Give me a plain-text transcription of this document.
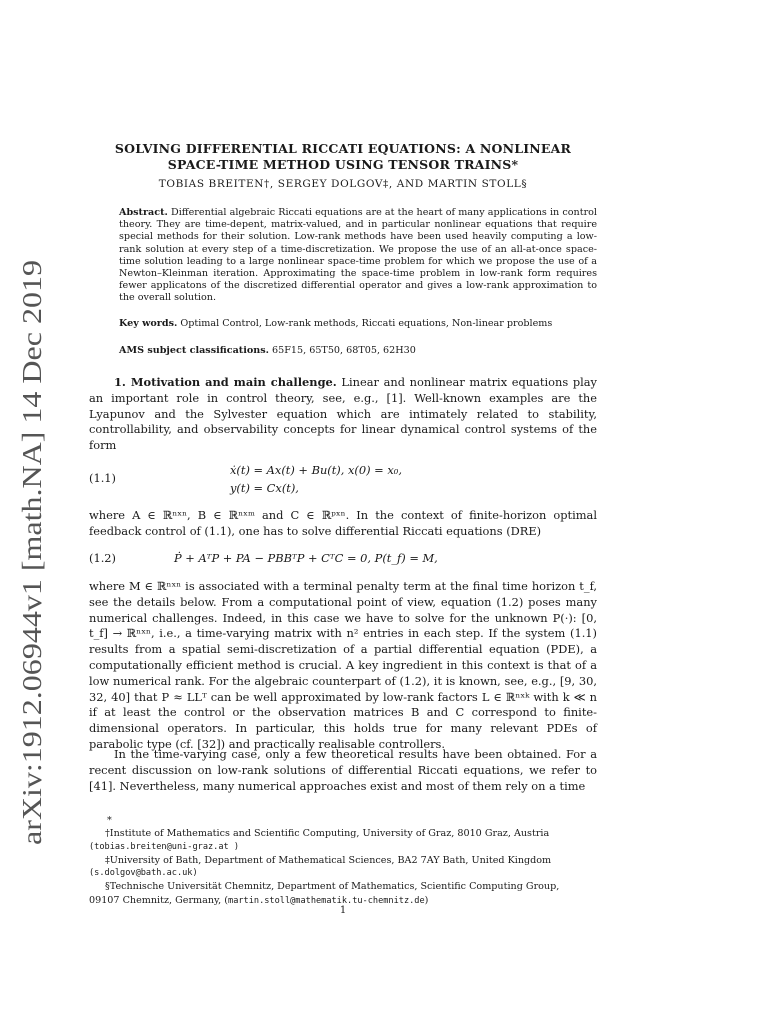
arXiv:1912.06944v1 [math.NA] 14 Dec 2019
SOLVING DIFFERENTIAL RICCATI EQUATIONS: A NONLINEAR
SPACE-TIME METHOD USING TENSOR TRAINS*
TOBIAS BREITEN†, SERGEY DOLGOV‡, AND MARTIN STOLL§
Abstract. Differential algebraic Riccati equations are at the heart of many applications in control theory. They are time-depent, matrix-valued, and in particular nonlinear equations that require special methods for their solution. Low-rank methods have been used heavily computing a low-rank solution at every step of a time-discretization. We propose the use of an all-at-once space-time solution leading to a large nonlinear space-time problem for which we propose the use of a Newton–Kleinman iteration. Approximating the space-time problem in low-rank form requires fewer applicatons of the discretized differential operator and gives a low-rank approximation to the overall solution.
Key words. Optimal Control, Low-rank methods, Riccati equations, Non-linear problems
AMS subject classifications. 65F15, 65T50, 68T05, 62H30

1. Motivation and main challenge. Linear and nonlinear matrix equations play an important role in control theory, see, e.g., [1]. Well-known examples are the Lyapunov and the Sylvester equation which are intimately related to stability, controllability, and observability concepts for linear dynamical control systems of the form

(1.1)
ẋ(t) = Ax(t) + Bu(t), x(0) = x₀,
y(t) = Cx(t),

where A ∈ ℝⁿˣⁿ, B ∈ ℝⁿˣᵐ and C ∈ ℝᵖˣⁿ. In the context of finite-horizon optimal feedback control of (1.1), one has to solve differential Riccati equations (DRE)

(1.2)	Ṗ + AᵀP + PA − PBBᵀP + CᵀC = 0, P(t_f) = M,

where M ∈ ℝⁿˣⁿ is associated with a terminal penalty term at the final time horizon t_f, see the details below. From a computational point of view, equation (1.2) poses many numerical challenges. Indeed, in this case we have to solve for the unknown P(·): [0, t_f] → ℝⁿˣⁿ, i.e., a time-varying matrix with n² entries in each step. If the system (1.1) results from a spatial semi-discretization of a partial differential equation (PDE), a computationally efficient method is crucial. A key ingredient in this context is that of a low numerical rank. For the algebraic counterpart of (1.2), it is known, see, e.g., [9, 30, 32, 40] that P ≈ LLᵀ can be well approximated by low-rank factors L ∈ ℝⁿˣᵏ with k ≪ n if at least the control or the observation matrices B and C correspond to finite-dimensional operators. In particular, this holds true for many relevant PDEs of parabolic type (cf. [32]) and practically realisable controllers.

In the time-varying case, only a few theoretical results have been obtained. For a recent discussion on low-rank solutions of differential Riccati equations, we refer to [41]. Nevertheless, many numerical approaches exist and most of them rely on a time

*
†Institute of Mathematics and Scientific Computing, University of Graz, 8010 Graz, Austria
(tobias.breiten@uni-graz.at )
‡University of Bath, Department of Mathematical Sciences, BA2 7AY Bath, United Kingdom
(s.dolgov@bath.ac.uk)
§Technische Universität Chemnitz, Department of Mathematics, Scientific Computing Group,
09107 Chemnitz, Germany, (martin.stoll@mathematik.tu-chemnitz.de)
1
